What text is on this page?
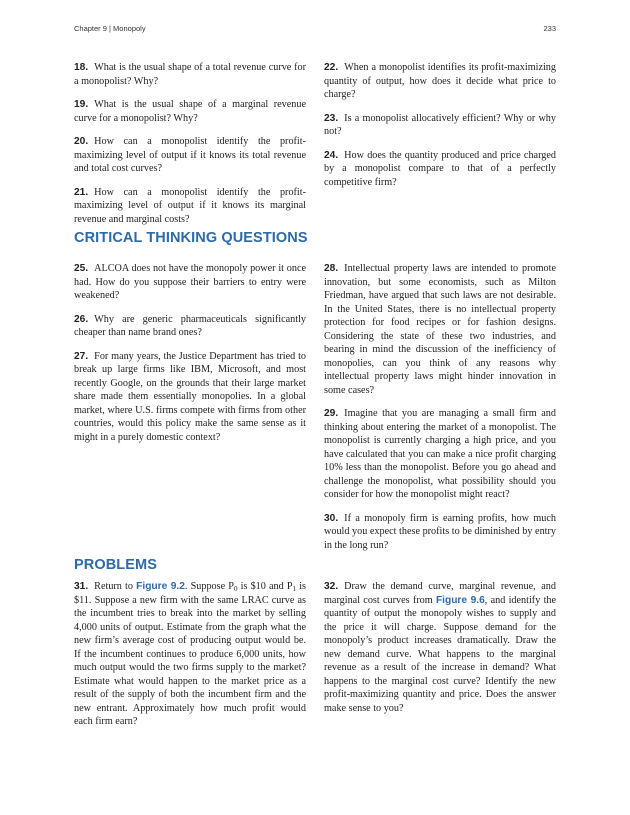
Chapter 9 | Monopoly	233

18. What is the usual shape of a total revenue curve for a monopolist? Why?

19. What is the usual shape of a marginal revenue curve for a monopolist? Why?

20. How can a monopolist identify the profit-maximizing level of output if it knows its total revenue and total cost curves?

21. How can a monopolist identify the profit-maximizing level of output if it knows its marginal revenue and marginal costs?

22. When a monopolist identifies its profit-maximizing quantity of output, how does it decide what price to charge?

23. Is a monopolist allocatively efficient? Why or why not?

24. How does the quantity produced and price charged by a monopolist compare to that of a perfectly competitive firm?

CRITICAL THINKING QUESTIONS

25. ALCOA does not have the monopoly power it once had. How do you suppose their barriers to entry were weakened?

26. Why are generic pharmaceuticals significantly cheaper than name brand ones?

27. For many years, the Justice Department has tried to break up large firms like IBM, Microsoft, and most recently Google, on the grounds that their large market share made them essentially monopolies. In a global market, where U.S. firms compete with firms from other countries, would this policy make the same sense as it might in a purely domestic context?

28. Intellectual property laws are intended to promote innovation, but some economists, such as Milton Friedman, have argued that such laws are not desirable. In the United States, there is no intellectual property protection for food recipes or for fashion designs. Considering the state of these two industries, and bearing in mind the discussion of the inefficiency of monopolies, can you think of any reasons why intellectual property laws might hinder innovation in some cases?

29. Imagine that you are managing a small firm and thinking about entering the market of a monopolist. The monopolist is currently charging a high price, and you have calculated that you can make a nice profit charging 10% less than the monopolist. Before you go ahead and challenge the monopolist, what possibility should you consider for how the monopolist might react?

30. If a monopoly firm is earning profits, how much would you expect these profits to be diminished by entry in the long run?

PROBLEMS

31. Return to Figure 9.2. Suppose $P_0$ is $10 and $P_1$ is $11. Suppose a new firm with the same LRAC curve as the incumbent tries to break into the market by selling 4,000 units of output. Estimate from the graph what the new firm’s average cost of producing output would be. If the incumbent continues to produce 6,000 units, how much output would the two firms supply to the market? Estimate what would happen to the market price as a result of the supply of both the incumbent firm and the new entrant. Approximately how much profit would each firm earn?

32. Draw the demand curve, marginal revenue, and marginal cost curves from Figure 9.6, and identify the quantity of output the monopoly wishes to supply and the price it will charge. Suppose demand for the monopoly’s product increases dramatically. Draw the new demand curve. What happens to the marginal revenue as a result of the increase in demand? What happens to the marginal cost curve? Identify the new profit-maximizing quantity and price. Does the answer make sense to you?
